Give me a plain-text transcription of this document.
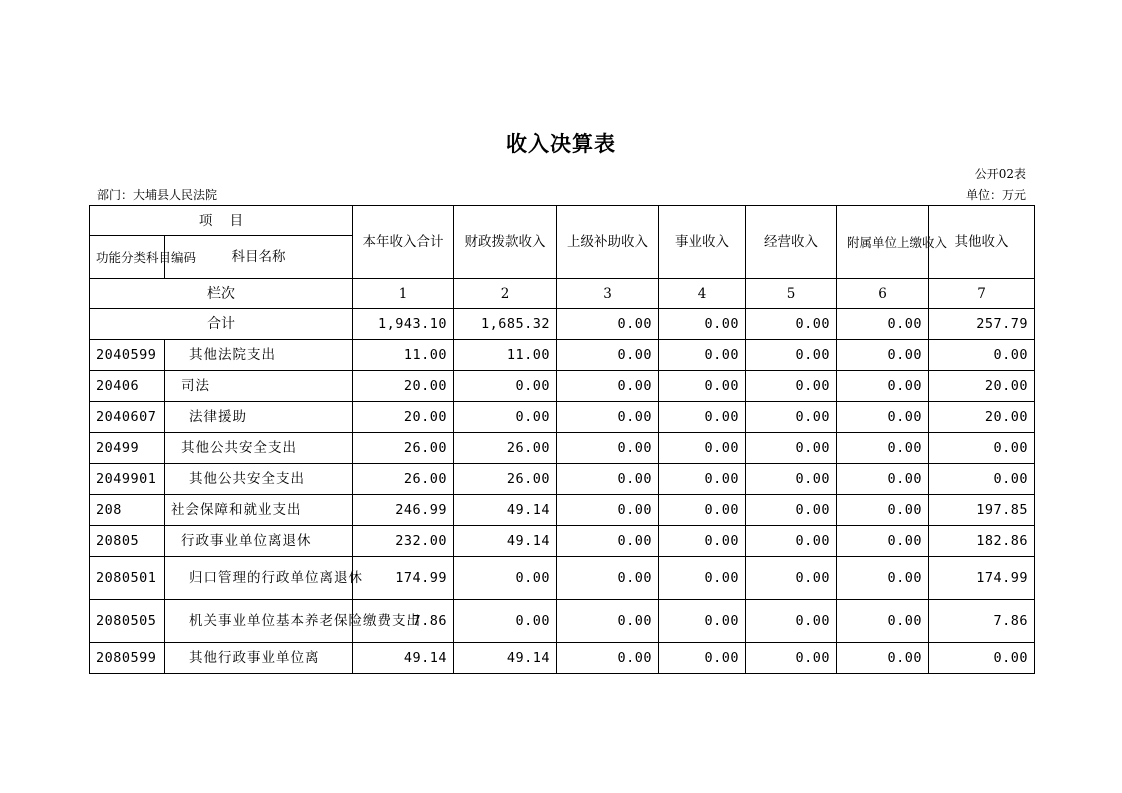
收入决算表
公开02表
部门：大埔县人民法院	单位：万元
项    目		本年收入合计	财政拨款收入	上级补助收入	事业收入	经营收入	附属单位上缴收入	其他收入
功能分类科目编码	科目名称							
栏次		1	2	3	4	5	6	7
合计		1,943.10	1,685.32	0.00	0.00	0.00	0.00	257.79
2040599	其他法院支出	11.00	11.00	0.00	0.00	0.00	0.00	0.00
20406	司法	20.00	0.00	0.00	0.00	0.00	0.00	20.00
2040607	法律援助	20.00	0.00	0.00	0.00	0.00	0.00	20.00
20499	其他公共安全支出	26.00	26.00	0.00	0.00	0.00	0.00	0.00
2049901	其他公共安全支出	26.00	26.00	0.00	0.00	0.00	0.00	0.00
208	社会保障和就业支出	246.99	49.14	0.00	0.00	0.00	0.00	197.85
20805	行政事业单位离退休	232.00	49.14	0.00	0.00	0.00	0.00	182.86
2080501	归口管理的行政单位离退休	174.99	0.00	0.00	0.00	0.00	0.00	174.99
2080505	机关事业单位基本养老保险缴费支出	7.86	0.00	0.00	0.00	0.00	0.00	7.86
2080599	其他行政事业单位离	49.14	49.14	0.00	0.00	0.00	0.00	0.00
